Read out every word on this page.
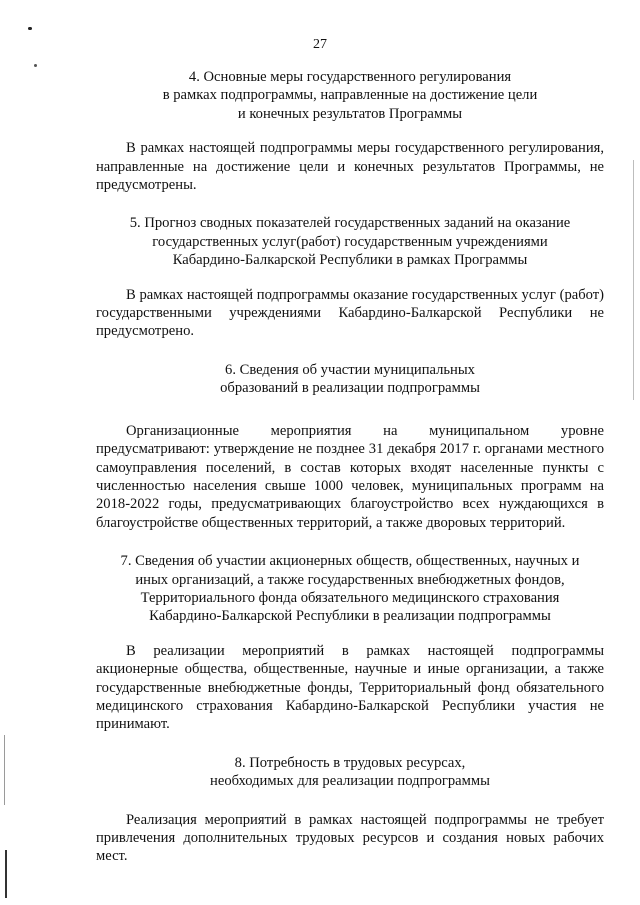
27
4. Основные меры государственного регулирования
в рамках подпрограммы, направленные на достижение цели
и конечных результатов Программы

В рамках настоящей подпрограммы меры государственного регулирования, направленные на достижение цели и конечных результатов Программы, не предусмотрены.

5. Прогноз сводных показателей государственных заданий на оказание
государственных услуг(работ) государственным учреждениями
Кабардино-Балкарской Республики в рамках Программы

В рамках настоящей подпрограммы оказание государственных услуг (работ) государственными учреждениями Кабардино-Балкарской Республики не предусмотрено.

6. Сведения об участии муниципальных
образований в реализации подпрограммы

Организационные мероприятия на муниципальном уровне предусматривают: утверждение не позднее 31 декабря 2017 г. органами местного самоуправления поселений, в состав которых входят населенные пункты с численностью населения свыше 1000 человек, муниципальных программ на 2018-2022 годы, предусматривающих благоустройство всех нуждающихся в благоустройстве общественных территорий, а также дворовых территорий.

7. Сведения об участии акционерных обществ, общественных, научных и
иных организаций, а также государственных внебюджетных фондов,
Территориального фонда обязательного медицинского страхования
Кабардино-Балкарской Республики в реализации подпрограммы

В реализации мероприятий в рамках настоящей подпрограммы акционерные общества, общественные, научные и иные организации, а также государственные внебюджетные фонды, Территориальный фонд обязательного медицинского страхования Кабардино-Балкарской Республики участия не принимают.

8. Потребность в трудовых ресурсах,
необходимых для реализации подпрограммы

Реализация мероприятий в рамках настоящей подпрограммы не требует привлечения дополнительных трудовых ресурсов и создания новых рабочих мест.
